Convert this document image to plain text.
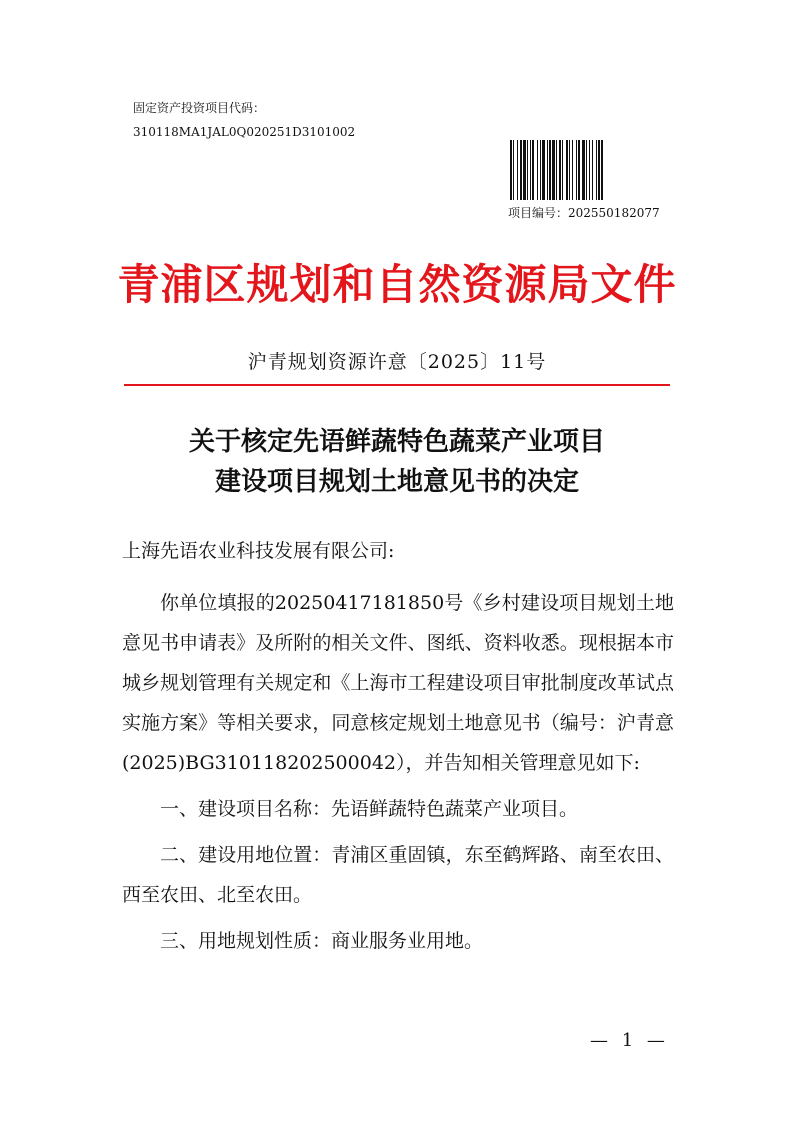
固定资产投资项目代码：
310118MA1JAL0Q020251D3101002
项目编号：202550182077
青浦区规划和自然资源局文件
沪青规划资源许意〔2025〕11号
关于核定先语鲜蔬特色蔬菜产业项目
建设项目规划土地意见书的决定
上海先语农业科技发展有限公司:

你单位填报的20250417181850号《乡村建设项目规划土地意见书申请表》及所附的相关文件、图纸、资料收悉。现根据本市城乡规划管理有关规定和《上海市工程建设项目审批制度改革试点实施方案》等相关要求，同意核定规划土地意见书（编号：沪青意(2025)BG310118202500042），并告知相关管理意见如下:

一、建设项目名称：先语鲜蔬特色蔬菜产业项目。

二、建设用地位置：青浦区重固镇，东至鹤辉路、南至农田、西至农田、北至农田。

三、用地规划性质：商业服务业用地。

— 1 —
